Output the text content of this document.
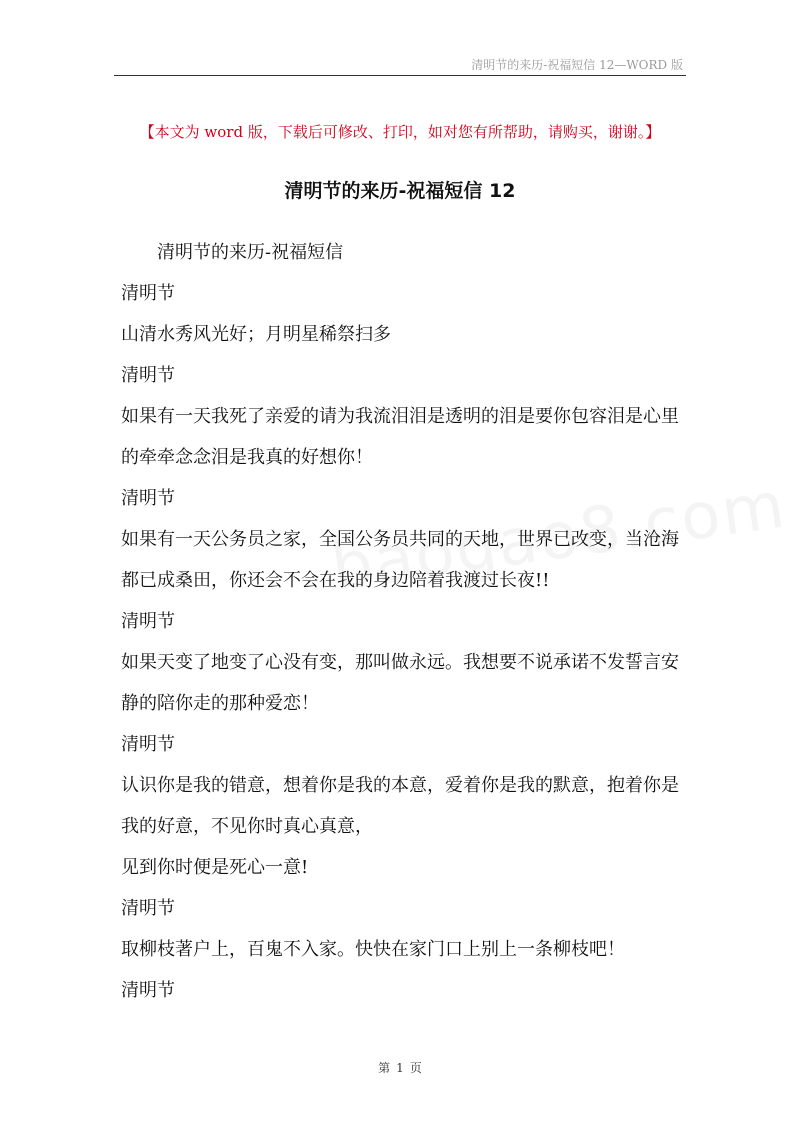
清明节的来历-祝福短信 12—WORD 版
【本文为 word 版，下载后可修改、打印，如对您有所帮助，请购买，谢谢。】
清明节的来历-祝福短信 12

清明节的来历-祝福短信

清明节

山清水秀风光好；月明星稀祭扫多

清明节

如果有一天我死了亲爱的请为我流泪泪是透明的泪是要你包容泪是心里的牵牵念念泪是我真的好想你！

清明节

如果有一天公务员之家，全国公务员共同的天地，世界已改变，当沧海都已成桑田，你还会不会在我的身边陪着我渡过长夜!!

清明节

如果天变了地变了心没有变，那叫做永远。我想要不说承诺不发誓言安静的陪你走的那种爱恋！

清明节

认识你是我的错意，想着你是我的本意，爱着你是我的默意，抱着你是我的好意，不见你时真心真意，

见到你时便是死心一意!

清明节

取柳枝著户上，百鬼不入家。快快在家门口上别上一条柳枝吧！

清明节

第 1 页
